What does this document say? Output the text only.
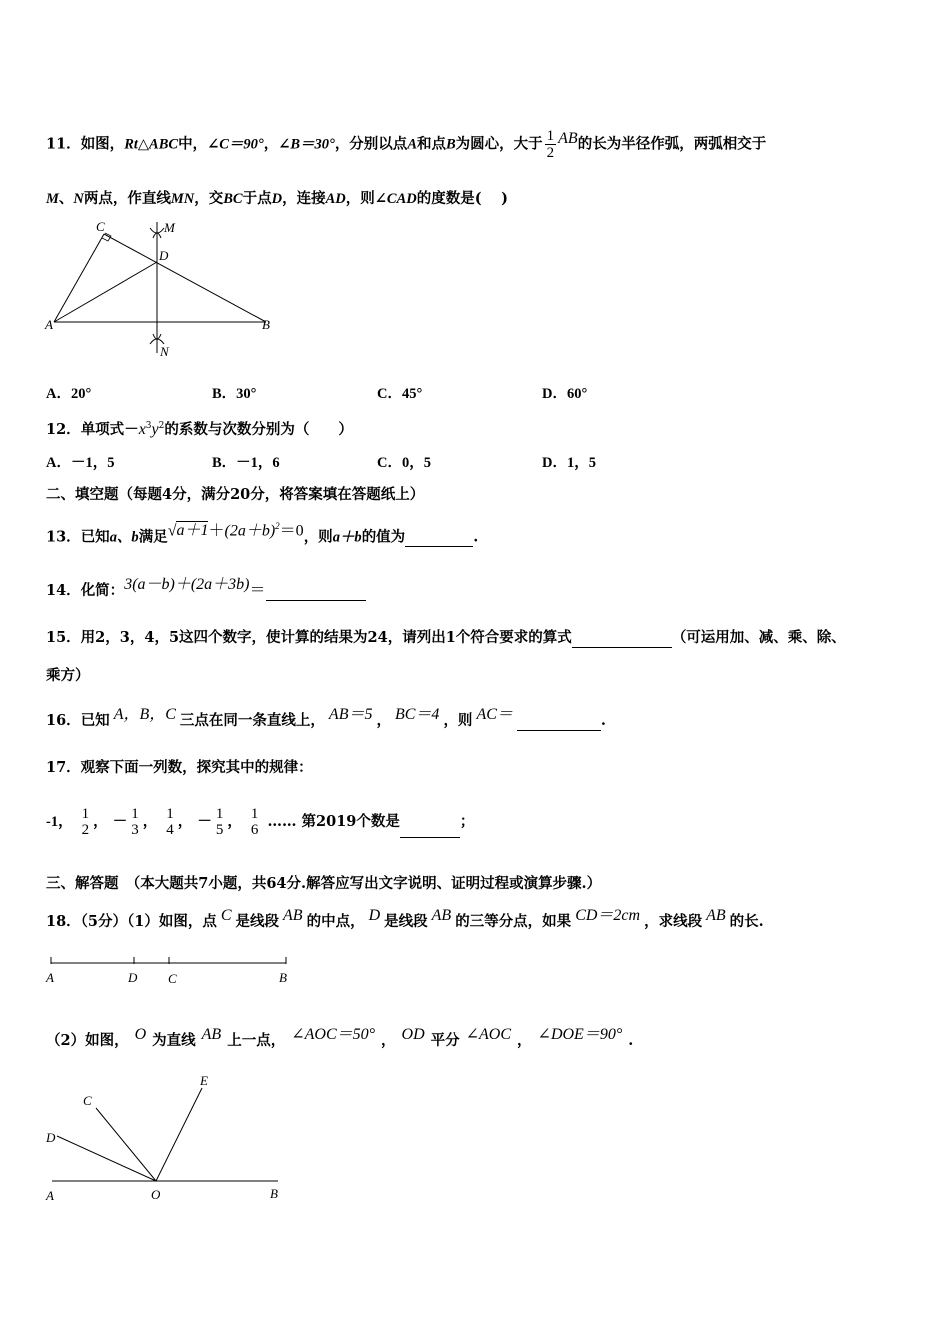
11．如图，Rt△ABC中，∠C＝90°，∠B＝30°，分别以点A和点B为圆心，大于 $\frac{1}{2}$ AB的长为半径作弧，两弧相交于
M、N两点，作直线MN，交BC于点D，连接AD，则∠CAD的度数是(　 )
C	M
D
A	B
N
A．20°	B．30°	C．45°	D．60°
12．单项式$-x^3y^2$的系数与次数分别为（　　）
A．－1，5	B．－1，6	C．0，5	D．1，5
二、填空题（每题4分，满分20分，将答案填在答题纸上）
13．已知a、b满足$√a+1+(2a+b)^2=0$，则a＋b的值为	.
14．化简：3(a－b)＋(2a＋3b)＝
15．用2，3，4，5这四个数字，使计算的结果为24，请列出1个符合要求的算式	（可运用加、减、乘、除、
乘方）
16．已知 A，B，C 三点在同一条直线上， AB＝5 ， BC＝4 ，则 AC＝	.
17．观察下面一列数，探究其中的规律：
-1， 1
2 ， － 1
3 ， 1
4 ， － 1
5 ， 1
6 …… 第2019个数是	；
三、解答题　（本大题共7小题，共64分.解答应写出文字说明、证明过程或演算步骤.）
18．（5分）（1）如图，点 C 是线段 AB 的中点， D 是线段 AB 的三等分点，如果 CD＝2cm ，求线段 AB 的长.
A	D C	B
（2）如图， O 为直线 AB 上一点， ∠AOC＝50° ， OD 平分 ∠AOC ， ∠DOE＝90° .
C
E
D
A	O	B
